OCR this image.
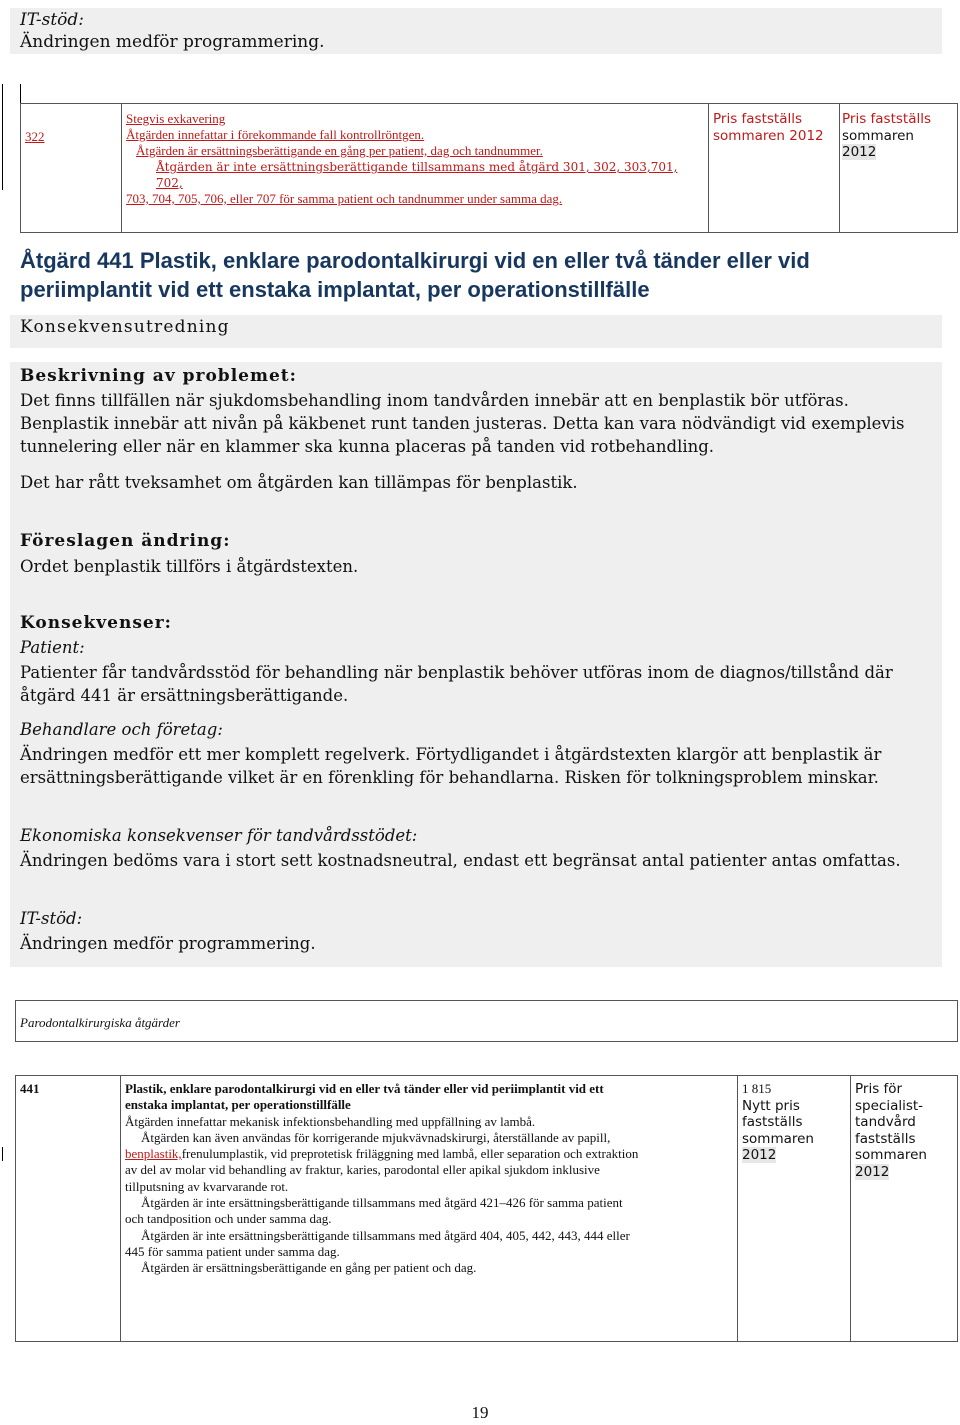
IT-stöd:
Ändringen medför programmering.
322
Stegvis exkavering
Åtgärden innefattar i förekommande fall kontrollröntgen.
Åtgärden är ersättningsberättigande en gång per patient, dag och tandnummer.
Åtgärden är inte ersättningsberättigande tillsammans med åtgärd 301, 302, 303,701, 702,
703, 704, 705, 706, eller 707 för samma patient och tandnummer under samma dag.
Pris fastställs
sommaren 2012
Pris fastställs
sommaren
2012
Åtgärd 441 Plastik, enklare parodontalkirurgi vid en eller två tänder eller vid periimplantit vid ett enstaka implantat, per operationstillfälle
Konsekvensutredning
Beskrivning av problemet:
Det finns tillfällen när sjukdomsbehandling inom tandvården innebär att en benplastik bör utföras. Benplastik innebär att nivån på käkbenet runt tanden justeras. Detta kan vara nödvändigt vid exemplevis tunnelering eller när en klammer ska kunna placeras på tanden vid rotbehandling.
Det har rått tveksamhet om åtgärden kan tillämpas för benplastik.
Föreslagen ändring:
Ordet benplastik tillförs i åtgärdstexten.
Konsekvenser:
Patient:
Patienter får tandvårdsstöd för behandling när benplastik behöver utföras inom de diagnos/tillstånd där åtgärd 441 är ersättningsberättigande.
Behandlare och företag:
Ändringen medför ett mer komplett regelverk. Förtydligandet i åtgärdstexten klargör att benplastik är ersättningsberättigande vilket är en förenkling för behandlarna. Risken för tolkningsproblem minskar.
Ekonomiska konsekvenser för tandvårdsstödet:
Ändringen bedöms vara i stort sett kostnadsneutral, endast ett begränsat antal patienter antas omfattas.
IT-stöd:
Ändringen medför programmering.
Parodontalkirurgiska åtgärder
441	Plastik, enklare parodontalkirurgi vid en eller två tänder eller vid periimplantit vid ett
enstaka implantat, per operationstillfälle
Åtgärden innefattar mekanisk infektionsbehandling med uppfällning av lambå.
Åtgärden kan även användas för korrigerande mjukvävnadskirurgi, återställande av papill,
benplastik,frenulumplastik, vid preprotetisk friläggning med lambå, eller separation och extraktion
av del av molar vid behandling av fraktur, karies, parodontal eller apikal sjukdom inklusive
tillputsning av kvarvarande rot.
Åtgärden är inte ersättningsberättigande tillsammans med åtgärd 421–426 för samma patient
och tandposition och under samma dag.
Åtgärden är inte ersättningsberättigande tillsammans med åtgärd 404, 405, 442, 443, 444 eller
445 för samma patient under samma dag.
Åtgärden är ersättningsberättigande en gång per patient och dag.
1 815
Nytt pris
fastställs
sommaren
2012
Pris för
specialist-
tandvård
fastställs
sommaren
2012
19
